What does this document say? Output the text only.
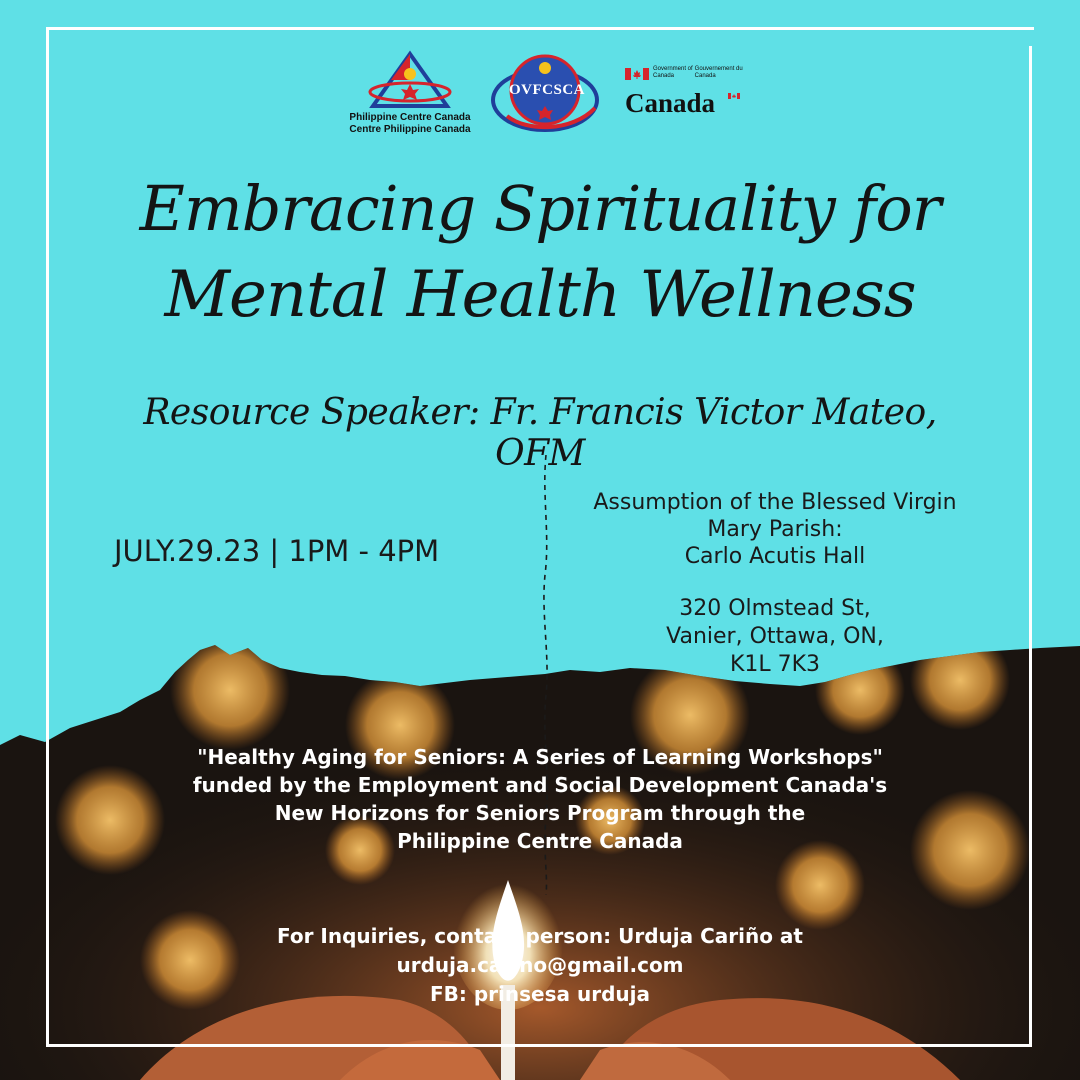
Philippine Centre Canada
Centre Philippine Canada
OVFCSCA
Government of Canada Gouvernement du Canada
Canada
Embracing Spirituality for
Mental Health Wellness
Resource Speaker: Fr. Francis Victor Mateo, OFM
JULY.29.23 | 1PM - 4PM
Assumption of the Blessed Virgin
Mary Parish:
Carlo Acutis Hall
320 Olmstead St,
Vanier, Ottawa, ON,
K1L 7K3
"Healthy Aging for Seniors: A Series of Learning Workshops"
funded by the Employment and Social Development Canada's
New Horizons for Seniors Program through the
Philippine Centre Canada
For Inquiries, contact person: Urduja Cariño at
urduja.carino@gmail.com
FB: prinsesa urduja
